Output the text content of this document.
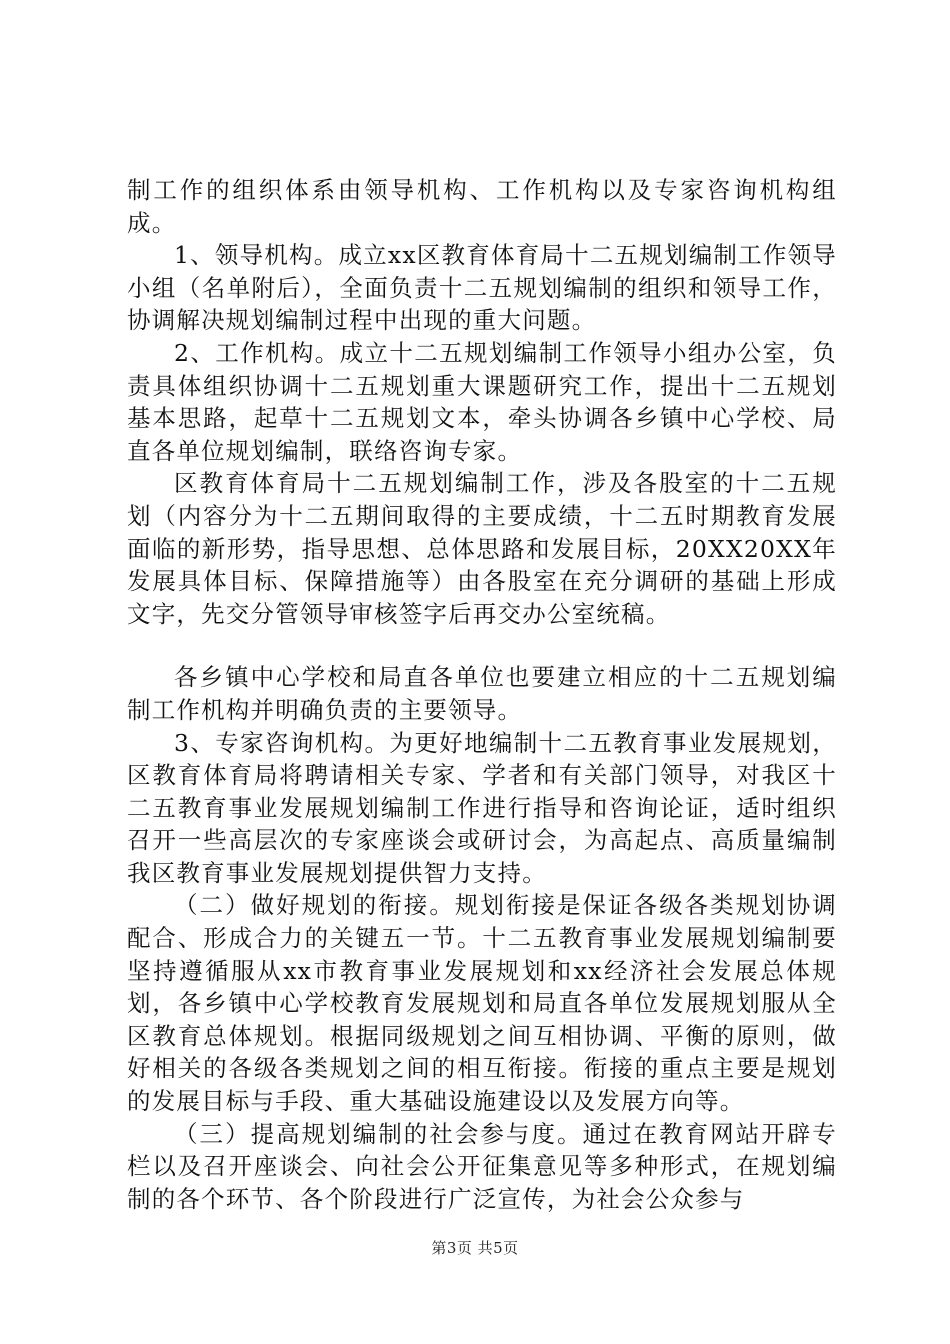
制工作的组织体系由领导机构、工作机构以及专家咨询机构组成。

1、领导机构。成立xx区教育体育局十二五规划编制工作领导小组（名单附后），全面负责十二五规划编制的组织和领导工作，协调解决规划编制过程中出现的重大问题。

2、工作机构。成立十二五规划编制工作领导小组办公室，负责具体组织协调十二五规划重大课题研究工作，提出十二五规划基本思路，起草十二五规划文本，牵头协调各乡镇中心学校、局直各单位规划编制，联络咨询专家。

区教育体育局十二五规划编制工作，涉及各股室的十二五规划（内容分为十二五期间取得的主要成绩，十二五时期教育发展面临的新形势，指导思想、总体思路和发展目标，20XX20XX年发展具体目标、保障措施等）由各股室在充分调研的基础上形成文字，先交分管领导审核签字后再交办公室统稿。

各乡镇中心学校和局直各单位也要建立相应的十二五规划编制工作机构并明确负责的主要领导。

3、专家咨询机构。为更好地编制十二五教育事业发展规划，区教育体育局将聘请相关专家、学者和有关部门领导，对我区十二五教育事业发展规划编制工作进行指导和咨询论证，适时组织召开一些高层次的专家座谈会或研讨会，为高起点、高质量编制我区教育事业发展规划提供智力支持。

（二）做好规划的衔接。规划衔接是保证各级各类规划协调配合、形成合力的关键五一节。十二五教育事业发展规划编制要坚持遵循服从xx市教育事业发展规划和xx经济社会发展总体规划，各乡镇中心学校教育发展规划和局直各单位发展规划服从全区教育总体规划。根据同级规划之间互相协调、平衡的原则，做好相关的各级各类规划之间的相互衔接。衔接的重点主要是规划的发展目标与手段、重大基础设施建设以及发展方向等。

（三）提高规划编制的社会参与度。通过在教育网站开辟专栏以及召开座谈会、向社会公开征集意见等多种形式，在规划编制的各个环节、各个阶段进行广泛宣传，为社会公众参与

第3页 共5页
